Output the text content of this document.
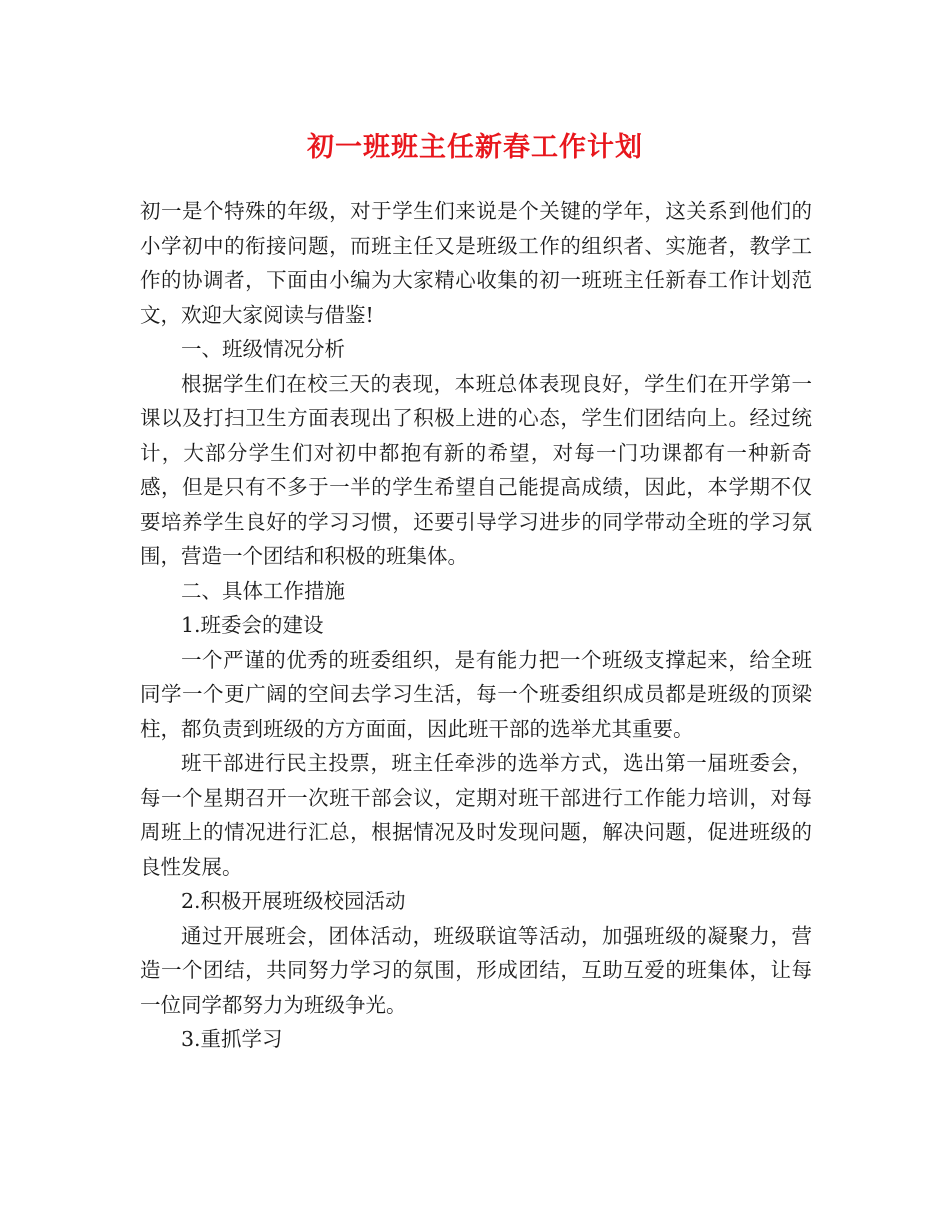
初一班班主任新春工作计划

初一是个特殊的年级，对于学生们来说是个关键的学年，这关系到他们的小学初中的衔接问题，而班主任又是班级工作的组织者、实施者，教学工作的协调者，下面由小编为大家精心收集的初一班班主任新春工作计划范文，欢迎大家阅读与借鉴!

一、班级情况分析

根据学生们在校三天的表现，本班总体表现良好，学生们在开学第一课以及打扫卫生方面表现出了积极上进的心态，学生们团结向上。经过统计，大部分学生们对初中都抱有新的希望，对每一门功课都有一种新奇感，但是只有不多于一半的学生希望自己能提高成绩，因此，本学期不仅要培养学生良好的学习习惯，还要引导学习进步的同学带动全班的学习氛围，营造一个团结和积极的班集体。

二、具体工作措施

1.班委会的建设

一个严谨的优秀的班委组织，是有能力把一个班级支撑起来，给全班同学一个更广阔的空间去学习生活，每一个班委组织成员都是班级的顶梁柱，都负责到班级的方方面面，因此班干部的选举尤其重要。

班干部进行民主投票，班主任牵涉的选举方式，选出第一届班委会，每一个星期召开一次班干部会议，定期对班干部进行工作能力培训，对每周班上的情况进行汇总，根据情况及时发现问题，解决问题，促进班级的良性发展。

2.积极开展班级校园活动

通过开展班会，团体活动，班级联谊等活动，加强班级的凝聚力，营造一个团结，共同努力学习的氛围，形成团结，互助互爱的班集体，让每一位同学都努力为班级争光。

3.重抓学习
